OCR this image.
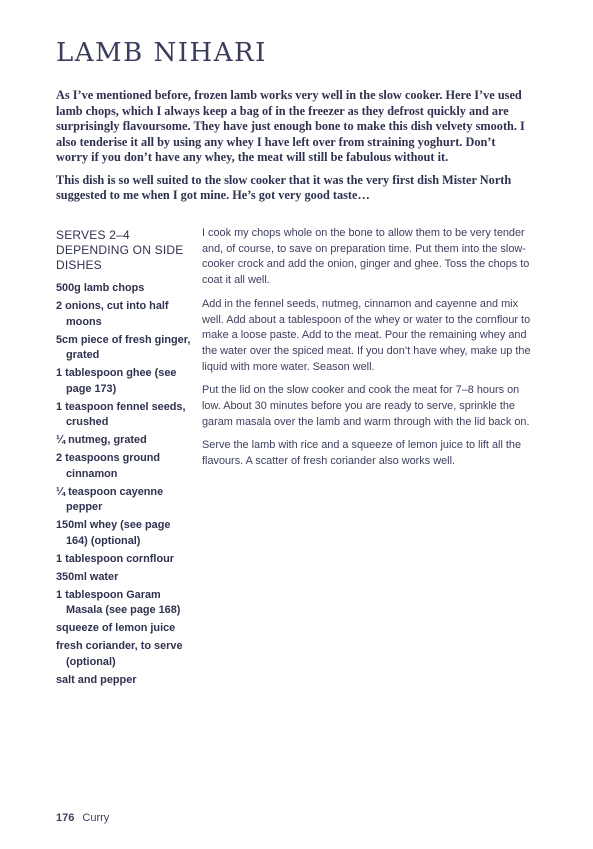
LAMB NIHARI

As I’ve mentioned before, frozen lamb works very well in the slow cooker. Here I’ve used lamb chops, which I always keep a bag of in the freezer as they defrost quickly and are surprisingly flavoursome. They have just enough bone to make this dish velvety smooth. I also tenderise it all by using any whey I have left over from straining yoghurt. Don’t worry if you don’t have any whey, the meat will still be fabulous without it.

This dish is so well suited to the slow cooker that it was the very first dish Mister North suggested to me when I got mine. He’s got very good taste…

SERVES 2–4 DEPENDING ON SIDE DISHES
500g lamb chops
2 onions, cut into half moons
5cm piece of fresh ginger, grated
1 tablespoon ghee (see page 173)
1 teaspoon fennel seeds, crushed
¼ nutmeg, grated
2 teaspoons ground cinnamon
¼ teaspoon cayenne pepper
150ml whey (see page 164) (optional)
1 tablespoon cornflour
350ml water
1 tablespoon Garam Masala (see page 168)
squeeze of lemon juice
fresh coriander, to serve (optional)
salt and pepper

I cook my chops whole on the bone to allow them to be very tender and, of course, to save on preparation time. Put them into the slow-cooker crock and add the onion, ginger and ghee. Toss the chops to coat it all well.

Add in the fennel seeds, nutmeg, cinnamon and cayenne and mix well. Add about a tablespoon of the whey or water to the cornflour to make a loose paste. Add to the meat. Pour the remaining whey and the water over the spiced meat. If you don’t have whey, make up the liquid with more water. Season well.

Put the lid on the slow cooker and cook the meat for 7–8 hours on low. About 30 minutes before you are ready to serve, sprinkle the garam masala over the lamb and warm through with the lid back on.

Serve the lamb with rice and a squeeze of lemon juice to lift all the flavours. A scatter of fresh coriander also works well.

176 Curry
